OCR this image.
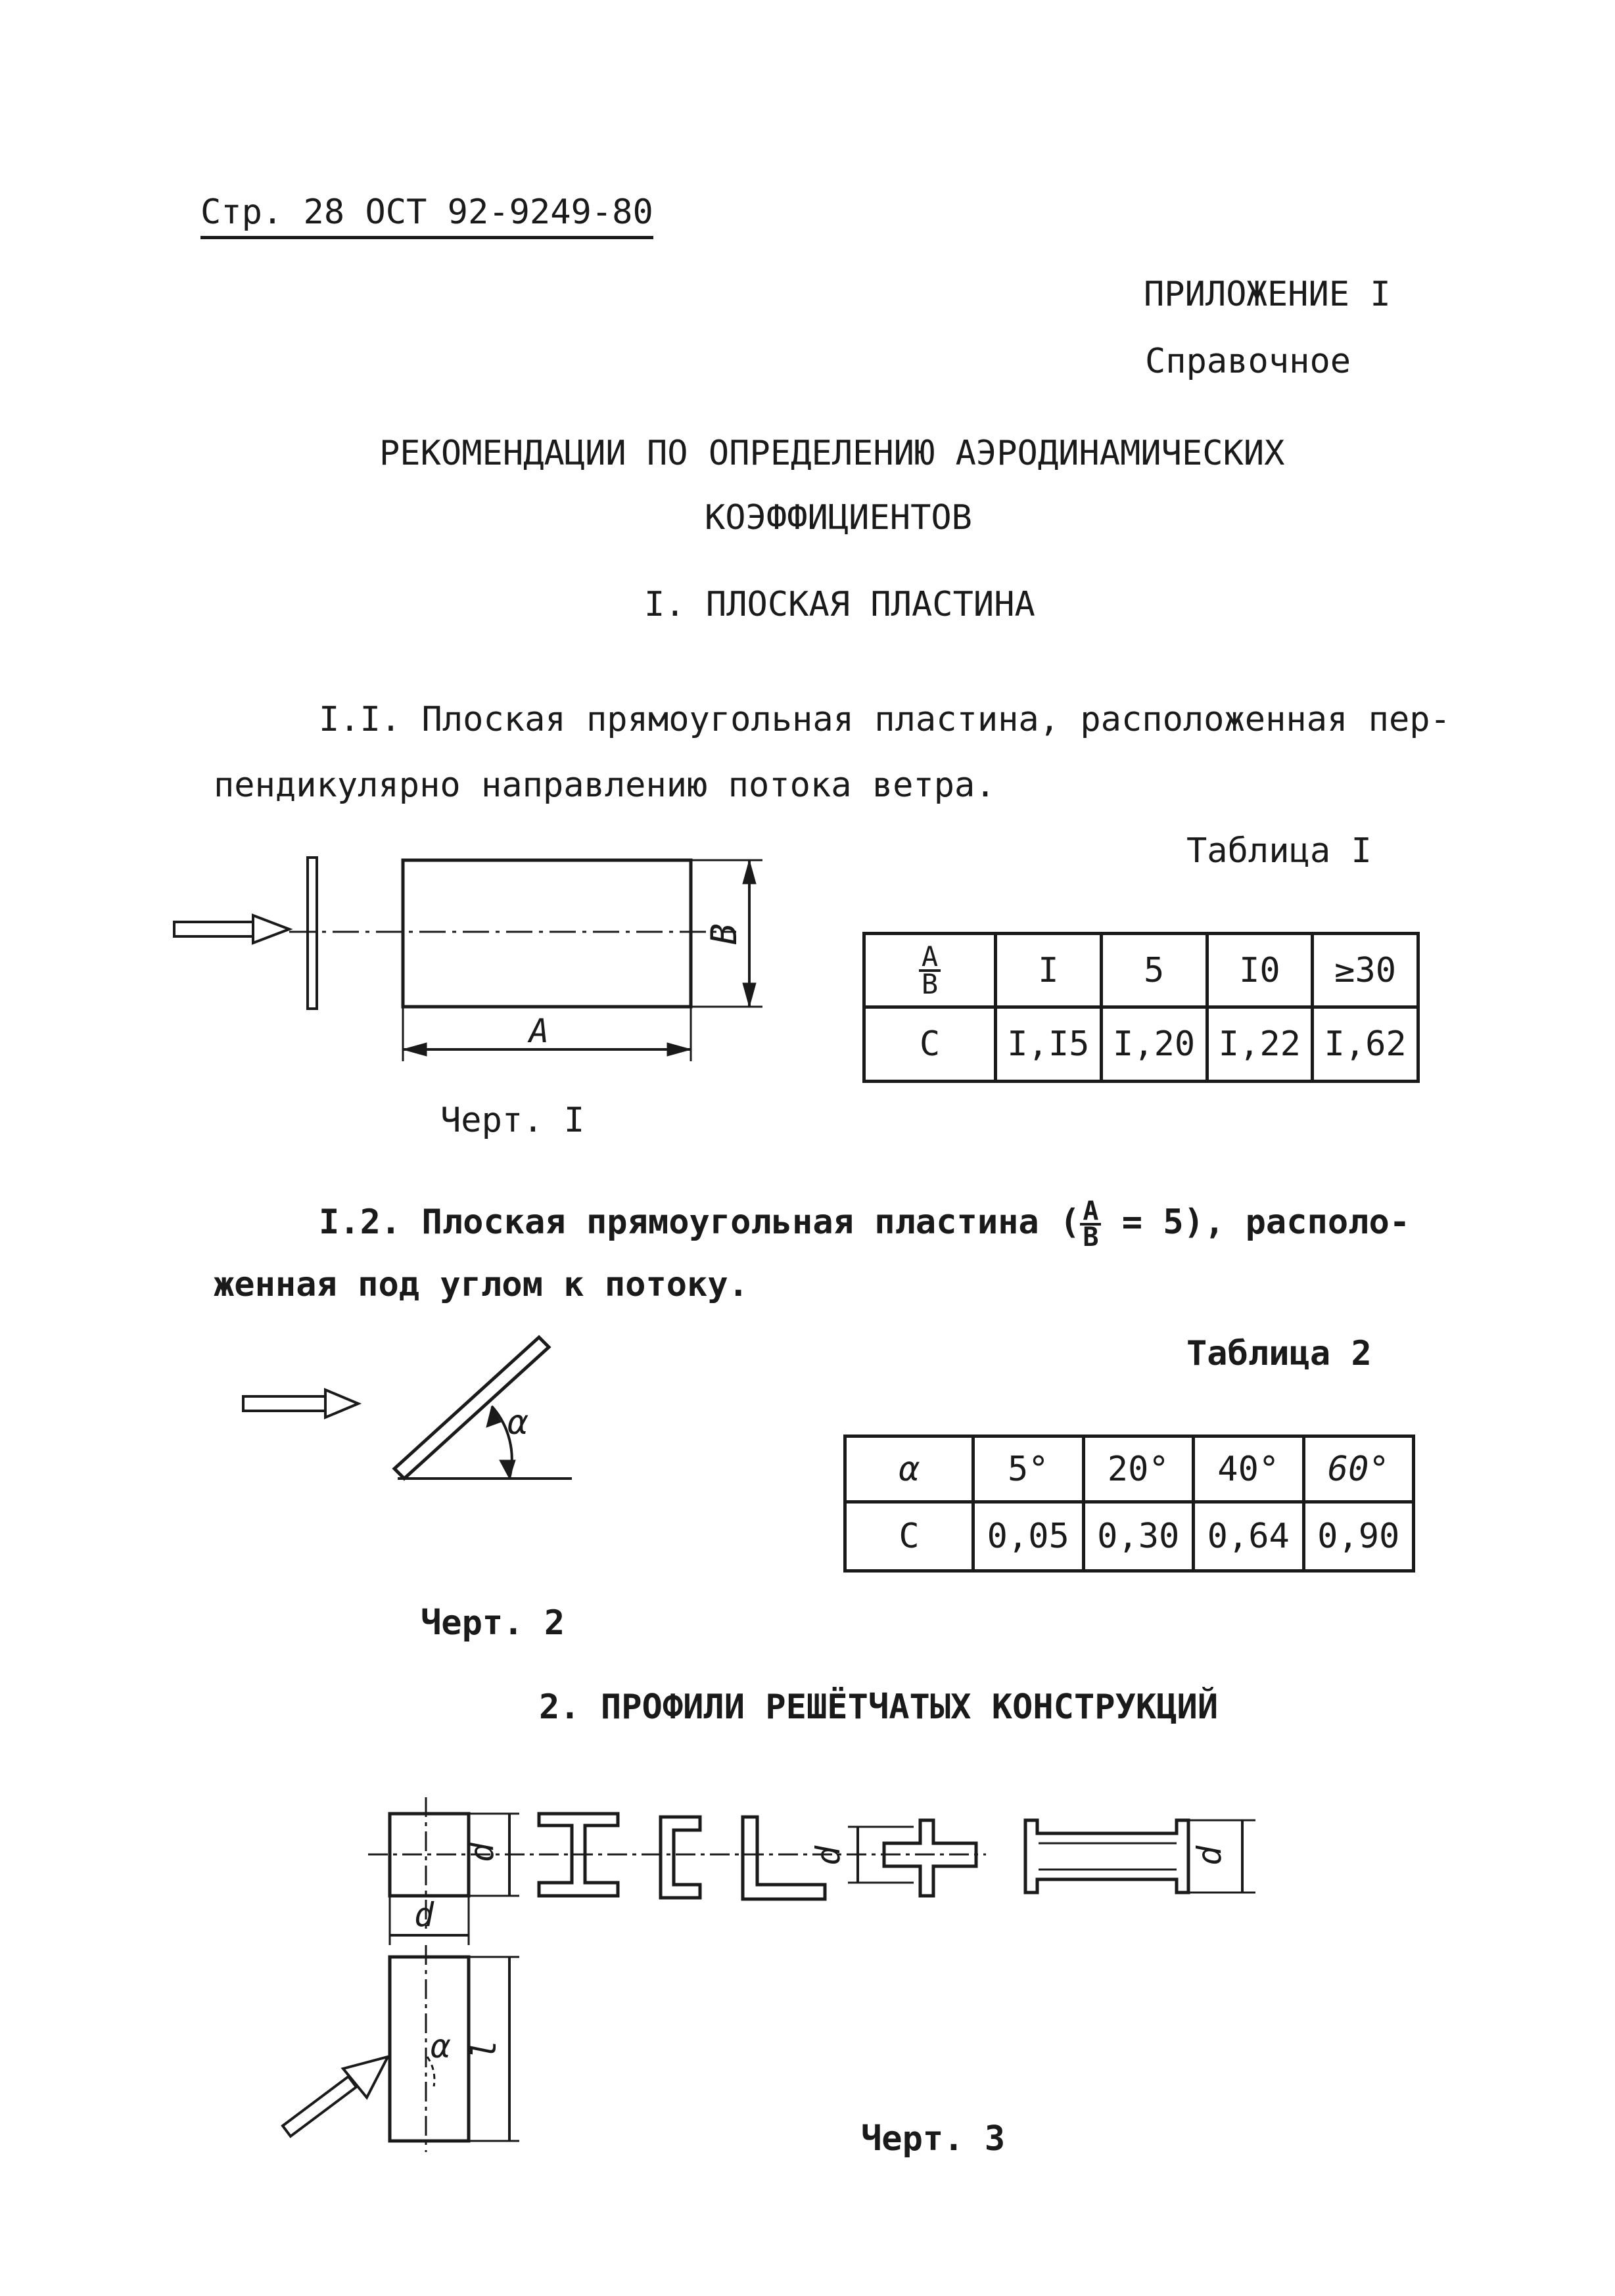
Стр. 28 ОСТ 92-9249-80
ПРИЛОЖЕНИЕ I
Справочное
РЕКОМЕНДАЦИИ ПО ОПРЕДЕЛЕНИЮ АЭРОДИНАМИЧЕСКИХ
КОЭФФИЦИЕНТОВ
I. ПЛОСКАЯ ПЛАСТИНА
I.I. Плоская прямоугольная пластина, расположенная пер-
пендикулярно направлению потока ветра.
Таблица I
B
A
Черт. I
$\frac{A}{B}$	I	5	I0	≥30
C	I,I5	I,20	I,22	I,62
I.2. Плоская прямоугольная пластина ( $\frac{A}{B} = 5$), располо-
женная под углом к потоку.
Таблица 2
α
α	5°	20°	40°	60°
C	0,05	0,30	0,64	0,90
Черт. 2
2. ПРОФИЛИ РЕШЁТЧАТЫХ КОНСТРУКЦИЙ
d
d
d	d
l
α
Черт. 3
